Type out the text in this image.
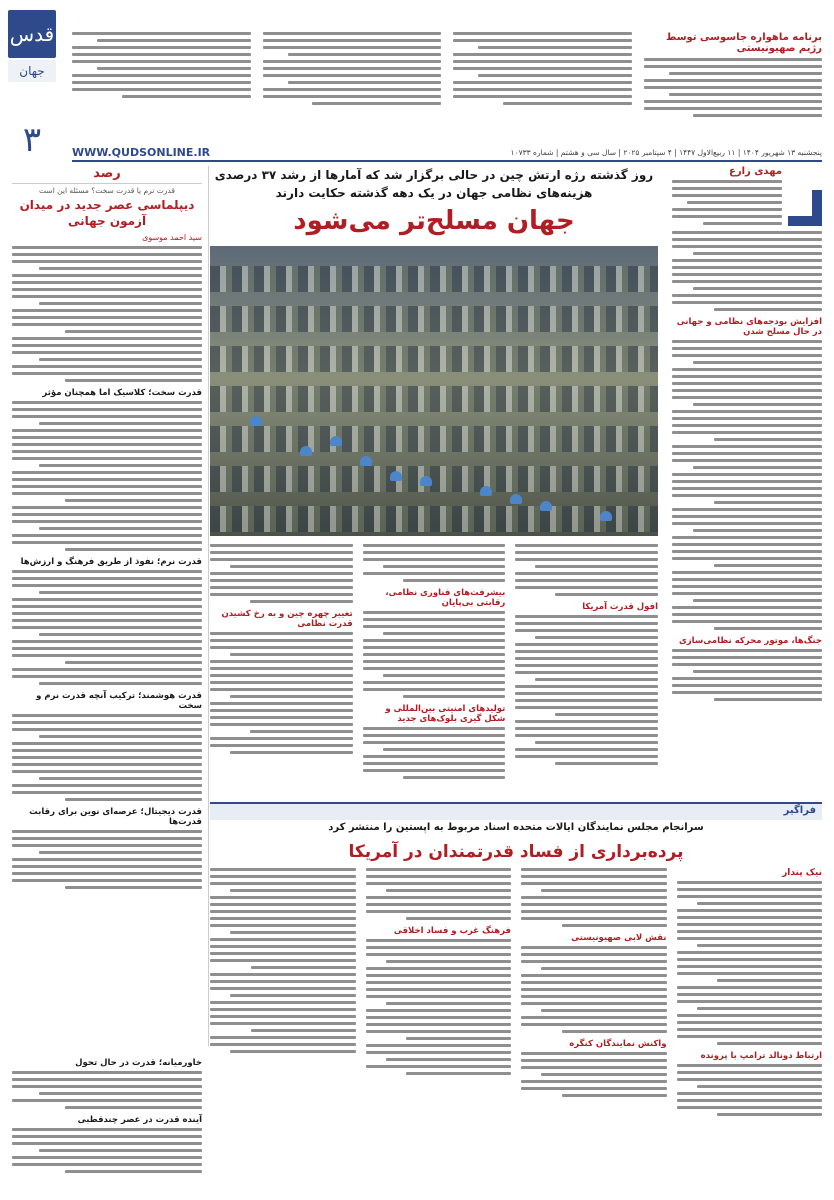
قدس
جهان
۳
برنامه ماهواره جاسوسی توسط رژیم صهیونیستی
پنجشنبه ۱۳ شهریور ۱۴۰۴ | ۱۱ ربیع‌الاول ۱۴۴۷ | ۴ سپتامبر ۲۰۲۵ | سال سی و هشتم | شماره ۱۰۷۳۳
WWW.QUDSONLINE.IR
رصد
قدرت نرم یا قدرت سخت؟ مسئله این است
دیپلماسی عصر جدید در میدان آزمون جهانی
سید احمد موسوی
قدرت سخت؛ کلاسیک اما همچنان مؤثر
قدرت نرم؛ نفوذ از طریق فرهنگ و ارزش‌ها
قدرت هوشمند؛ ترکیب آنچه قدرت نرم و سخت
قدرت دیجیتال؛ عرصه‌ای نوین برای رقابت قدرت‌ها
مهدی زارع
افزایش بودجه‌های نظامی و جهانی در حال مسلح شدن
جنگ‌ها، موتور محرکه نظامی‌سازی
روز گذشته رژه ارتش چین در حالی برگزار شد که آمارها از رشد ۳۷ درصدی هزینه‌های نظامی جهان در یک دهه گذشته حکایت دارند
جهان مسلح‌تر می‌شود
افول قدرت آمریکا
بیشرفت‌های فناوری نظامی، رقابتی بی‌پایان
تولیدهای امنیتی بین‌المللی و شکل گیری بلوک‌های جدید
تغییر چهره چین و به رخ کشیدن قدرت نظامی
فراگیر
سرانجام مجلس نمایندگان ایالات متحده اسناد مربوط به اپستین را منتشر کرد
پرده‌برداری از فساد قدرتمندان در آمریکا
نیک پندار
ارتباط دونالد ترامپ با پرونده
نقش لابی صهیونیستی
واکنش نمایندگان کنگره
فرهنگ غرب و فساد اخلاقی
خاورمیانه؛ قدرت در حال تحول
آینده قدرت در عصر چندقطبی
